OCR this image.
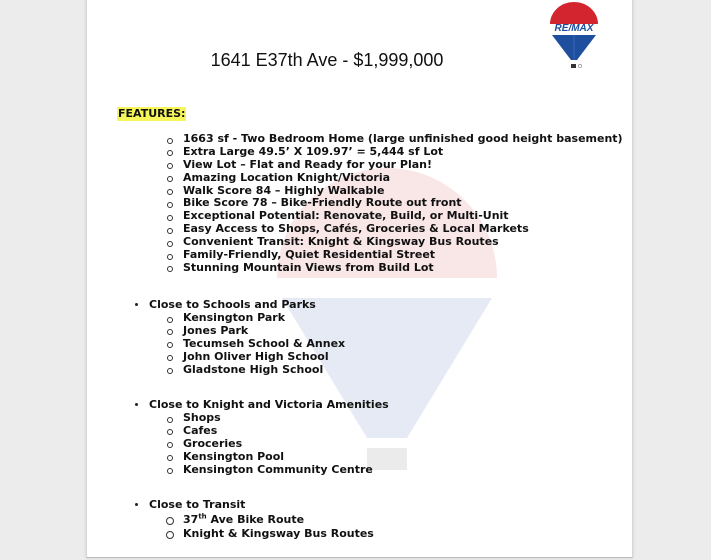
RE/MAX
1641 E37th Ave - $1,999,000
FEATURES:
1663 sf - Two Bedroom Home (large unfinished good height basement)
Extra Large 49.5’ X 109.97’ = 5,444 sf Lot
View Lot – Flat and Ready for your Plan!
Amazing Location Knight/Victoria
Walk Score 84 – Highly Walkable
Bike Score 78 – Bike-Friendly Route out front
Exceptional Potential: Renovate, Build, or Multi-Unit
Easy Access to Shops, Cafés, Groceries & Local Markets
Convenient Transit: Knight & Kingsway Bus Routes
Family-Friendly, Quiet Residential Street
Stunning Mountain Views from Build Lot
Close to Schools and Parks
Kensington Park
Jones Park
Tecumseh School & Annex
John Oliver High School
Gladstone High School
Close to Knight and Victoria Amenities
Shops
Cafes
Groceries
Kensington Pool
Kensington Community Centre
Close to Transit
37th Ave Bike Route
Knight & Kingsway Bus Routes
